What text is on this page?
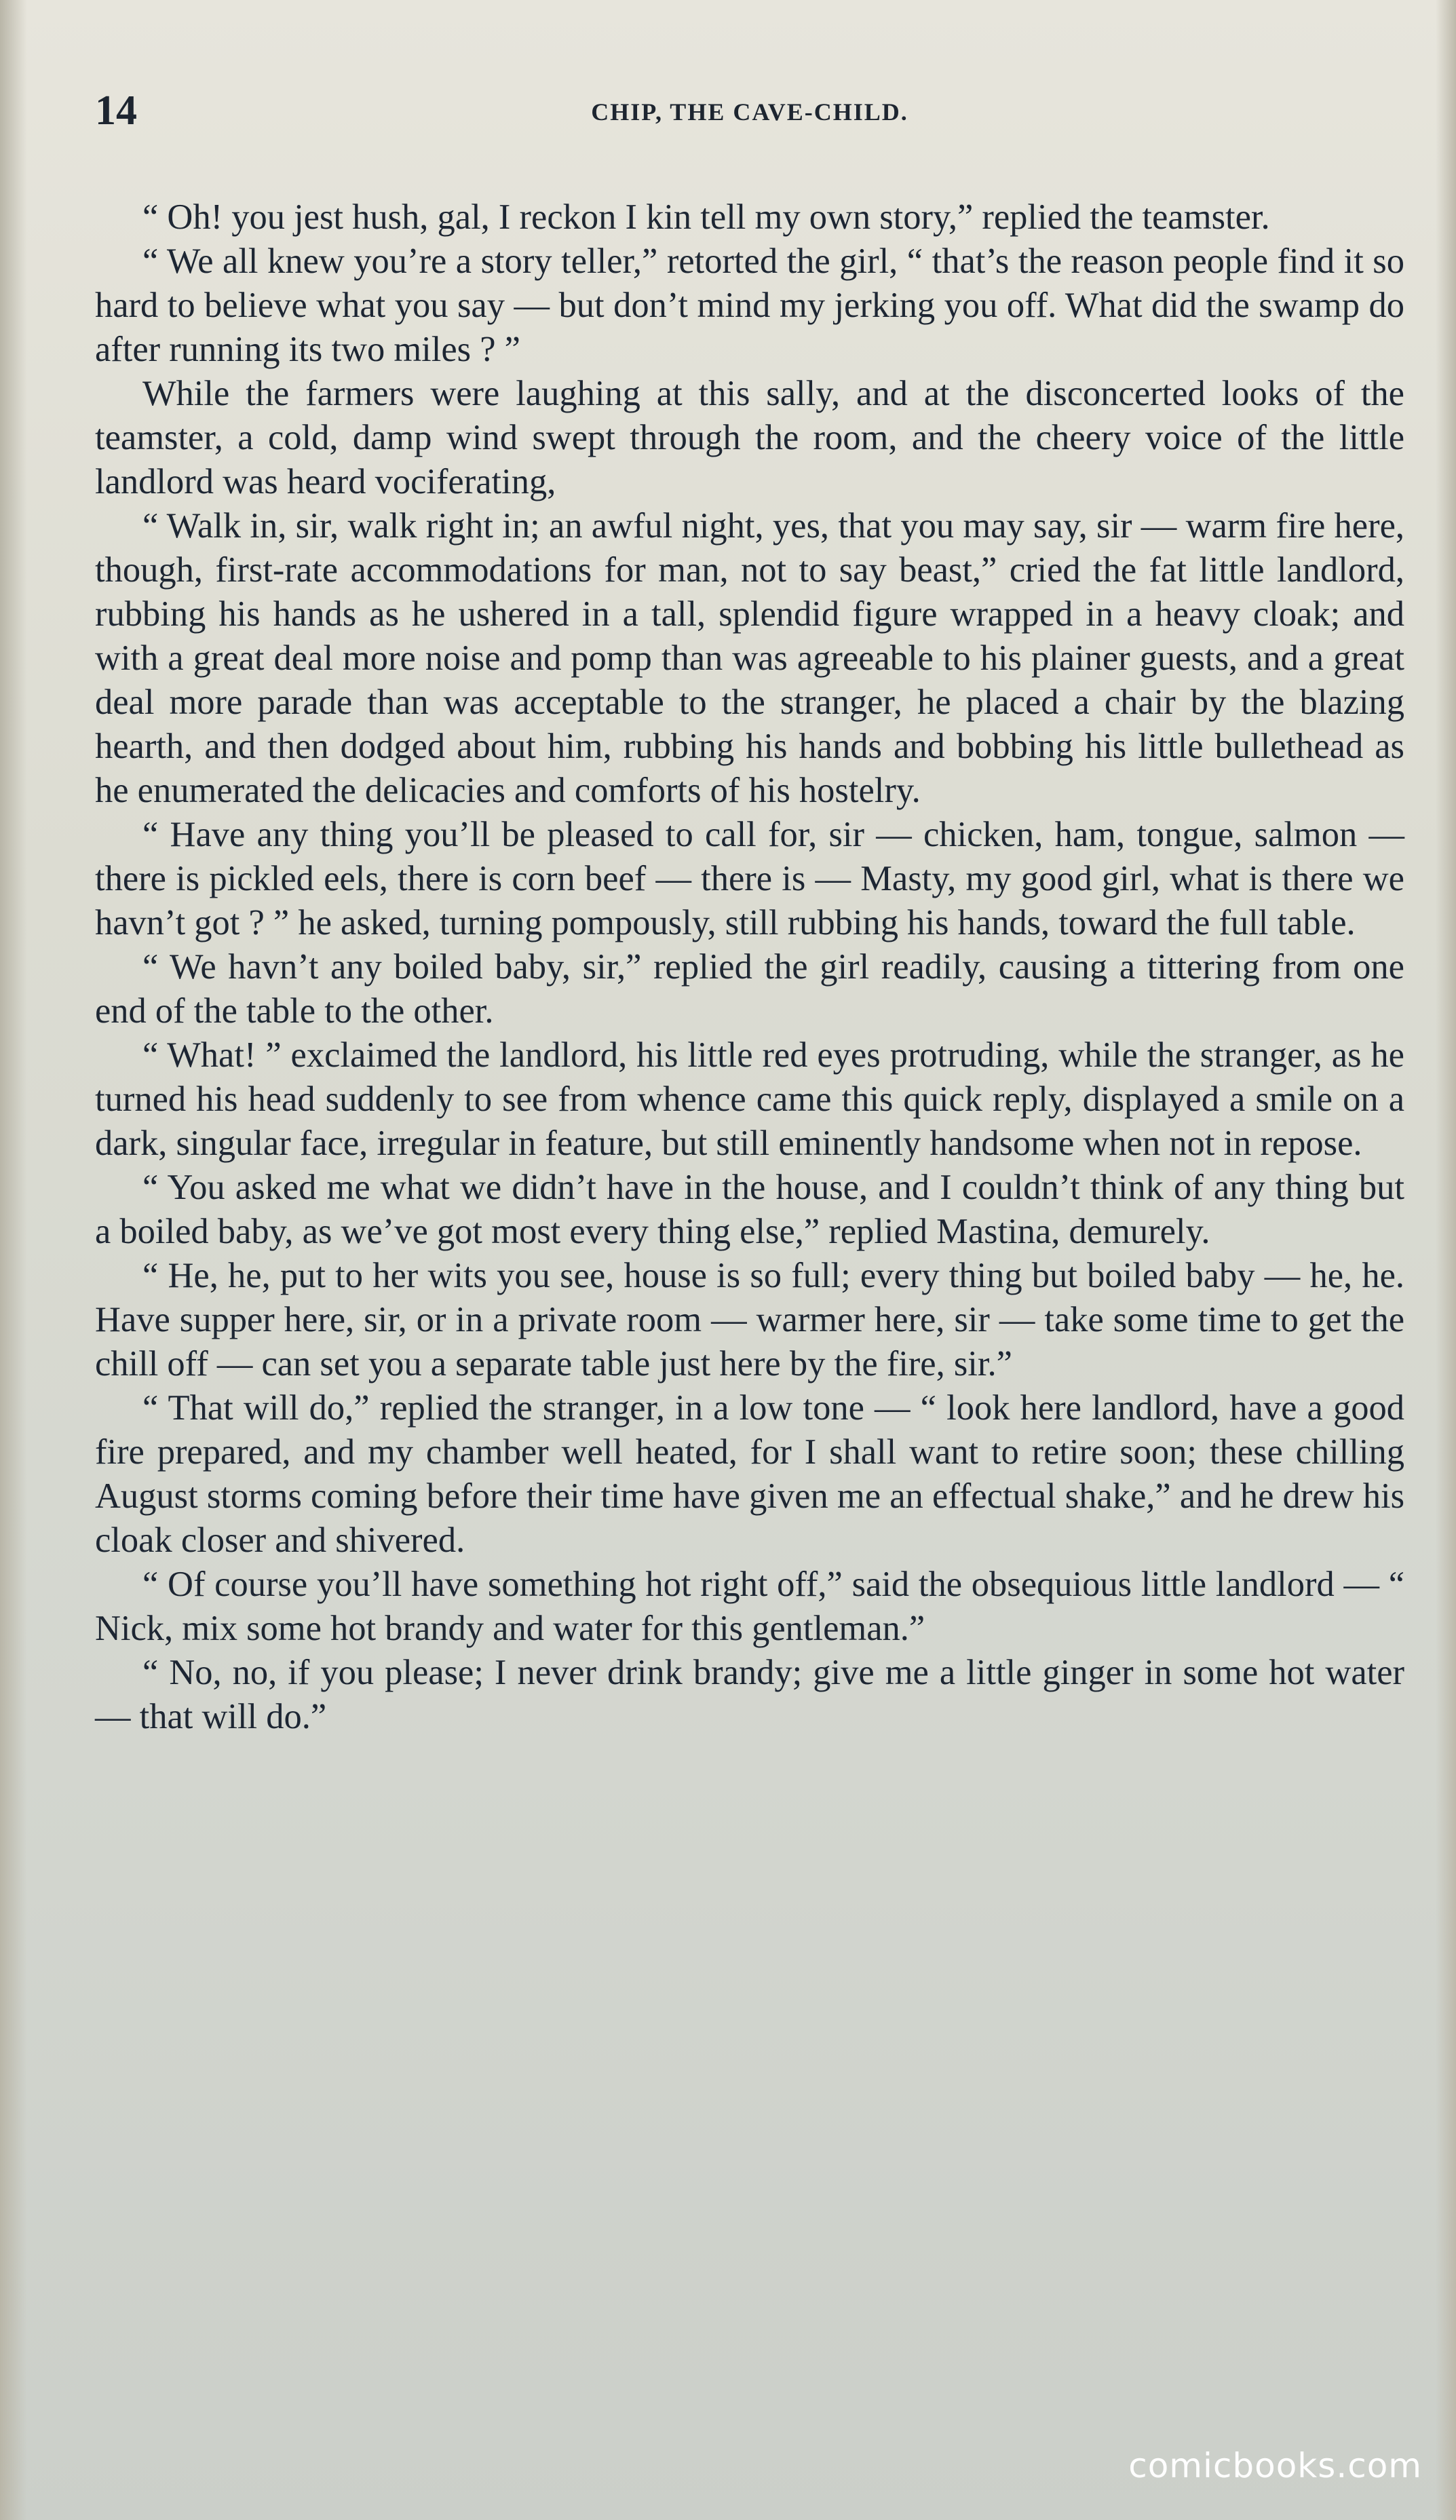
14	CHIP, THE CAVE-CHILD.

“ Oh! you jest hush, gal, I reckon I kin tell my own story,” replied the teamster.

“ We all knew you’re a story teller,” retorted the girl, “ that’s the reason people find it so hard to believe what you say — but don’t mind my jerking you off. What did the swamp do after running its two miles ? ”

While the farmers were laughing at this sally, and at the disconcerted looks of the teamster, a cold, damp wind swept through the room, and the cheery voice of the little landlord was heard vociferating,

“ Walk in, sir, walk right in; an awful night, yes, that you may say, sir — warm fire here, though, first-rate accommodations for man, not to say beast,” cried the fat little landlord, rubbing his hands as he ushered in a tall, splendid figure wrapped in a heavy cloak; and with a great deal more noise and pomp than was agreeable to his plainer guests, and a great deal more parade than was acceptable to the stranger, he placed a chair by the blazing hearth, and then dodged about him, rubbing his hands and bobbing his little bullethead as he enumerated the delicacies and comforts of his hostelry.

“ Have any thing you’ll be pleased to call for, sir — chicken, ham, tongue, salmon — there is pickled eels, there is corn beef — there is — Masty, my good girl, what is there we havn’t got ? ” he asked, turning pompously, still rubbing his hands, toward the full table.

“ We havn’t any boiled baby, sir,” replied the girl readily, causing a tittering from one end of the table to the other.

“ What! ” exclaimed the landlord, his little red eyes protruding, while the stranger, as he turned his head suddenly to see from whence came this quick reply, displayed a smile on a dark, singular face, irregular in feature, but still eminently handsome when not in repose.

“ You asked me what we didn’t have in the house, and I couldn’t think of any thing but a boiled baby, as we’ve got most every thing else,” replied Mastina, demurely.

“ He, he, put to her wits you see, house is so full; every thing but boiled baby — he, he. Have supper here, sir, or in a private room — warmer here, sir — take some time to get the chill off — can set you a separate table just here by the fire, sir.”

“ That will do,” replied the stranger, in a low tone — “ look here landlord, have a good fire prepared, and my chamber well heated, for I shall want to retire soon; these chilling August storms coming before their time have given me an effectual shake,” and he drew his cloak closer and shivered.

“ Of course you’ll have something hot right off,” said the obsequious little landlord — “ Nick, mix some hot brandy and water for this gentleman.”

“ No, no, if you please; I never drink brandy; give me a little ginger in some hot water — that will do.”

comicbooks.com
